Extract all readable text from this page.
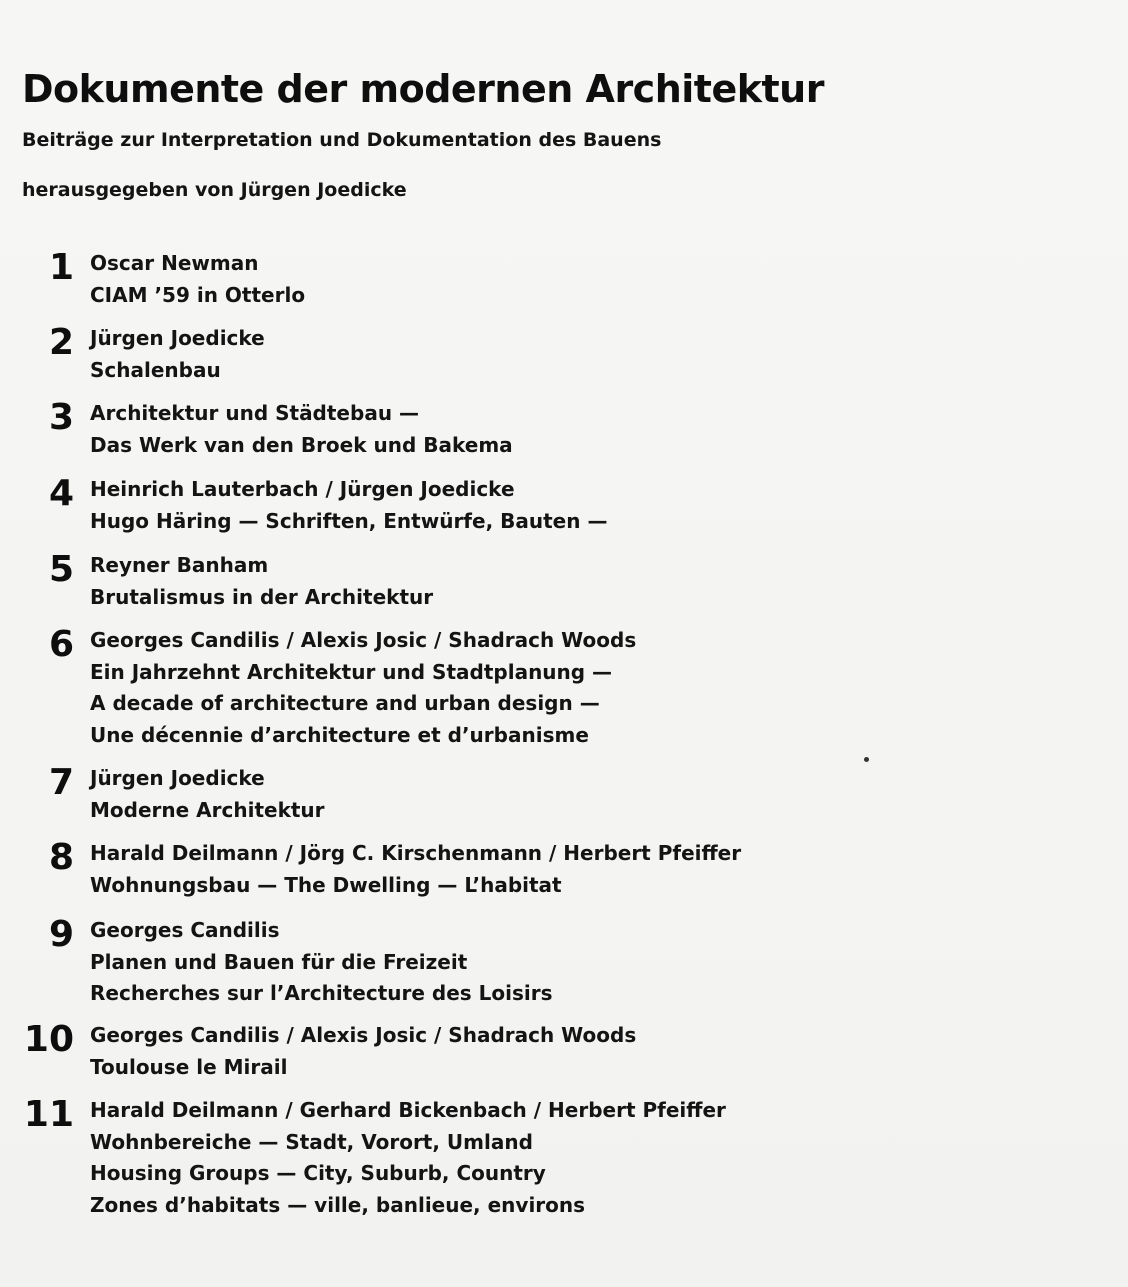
Dokumente der modernen Architektur
Beiträge zur Interpretation und Dokumentation des Bauens
herausgegeben von Jürgen Joedicke
1 Oscar Newman
CIAM ’59 in Otterlo
2 Jürgen Joedicke
Schalenbau
3 Architektur und Städtebau —
Das Werk van den Broek und Bakema
4 Heinrich Lauterbach / Jürgen Joedicke
Hugo Häring — Schriften, Entwürfe, Bauten —
5 Reyner Banham
Brutalismus in der Architektur
6 Georges Candilis / Alexis Josic / Shadrach Woods
Ein Jahrzehnt Architektur und Stadtplanung —
A decade of architecture and urban design —
Une décennie d’architecture et d’urbanisme
7 Jürgen Joedicke
Moderne Architektur
8 Harald Deilmann / Jörg C. Kirschenmann / Herbert Pfeiffer
Wohnungsbau — The Dwelling — L’habitat
9 Georges Candilis
Planen und Bauen für die Freizeit
Recherches sur l’Architecture des Loisirs
10 Georges Candilis / Alexis Josic / Shadrach Woods
Toulouse le Mirail
11 Harald Deilmann / Gerhard Bickenbach / Herbert Pfeiffer
Wohnbereiche — Stadt, Vorort, Umland
Housing Groups — City, Suburb, Country
Zones d’habitats — ville, banlieue, environs
